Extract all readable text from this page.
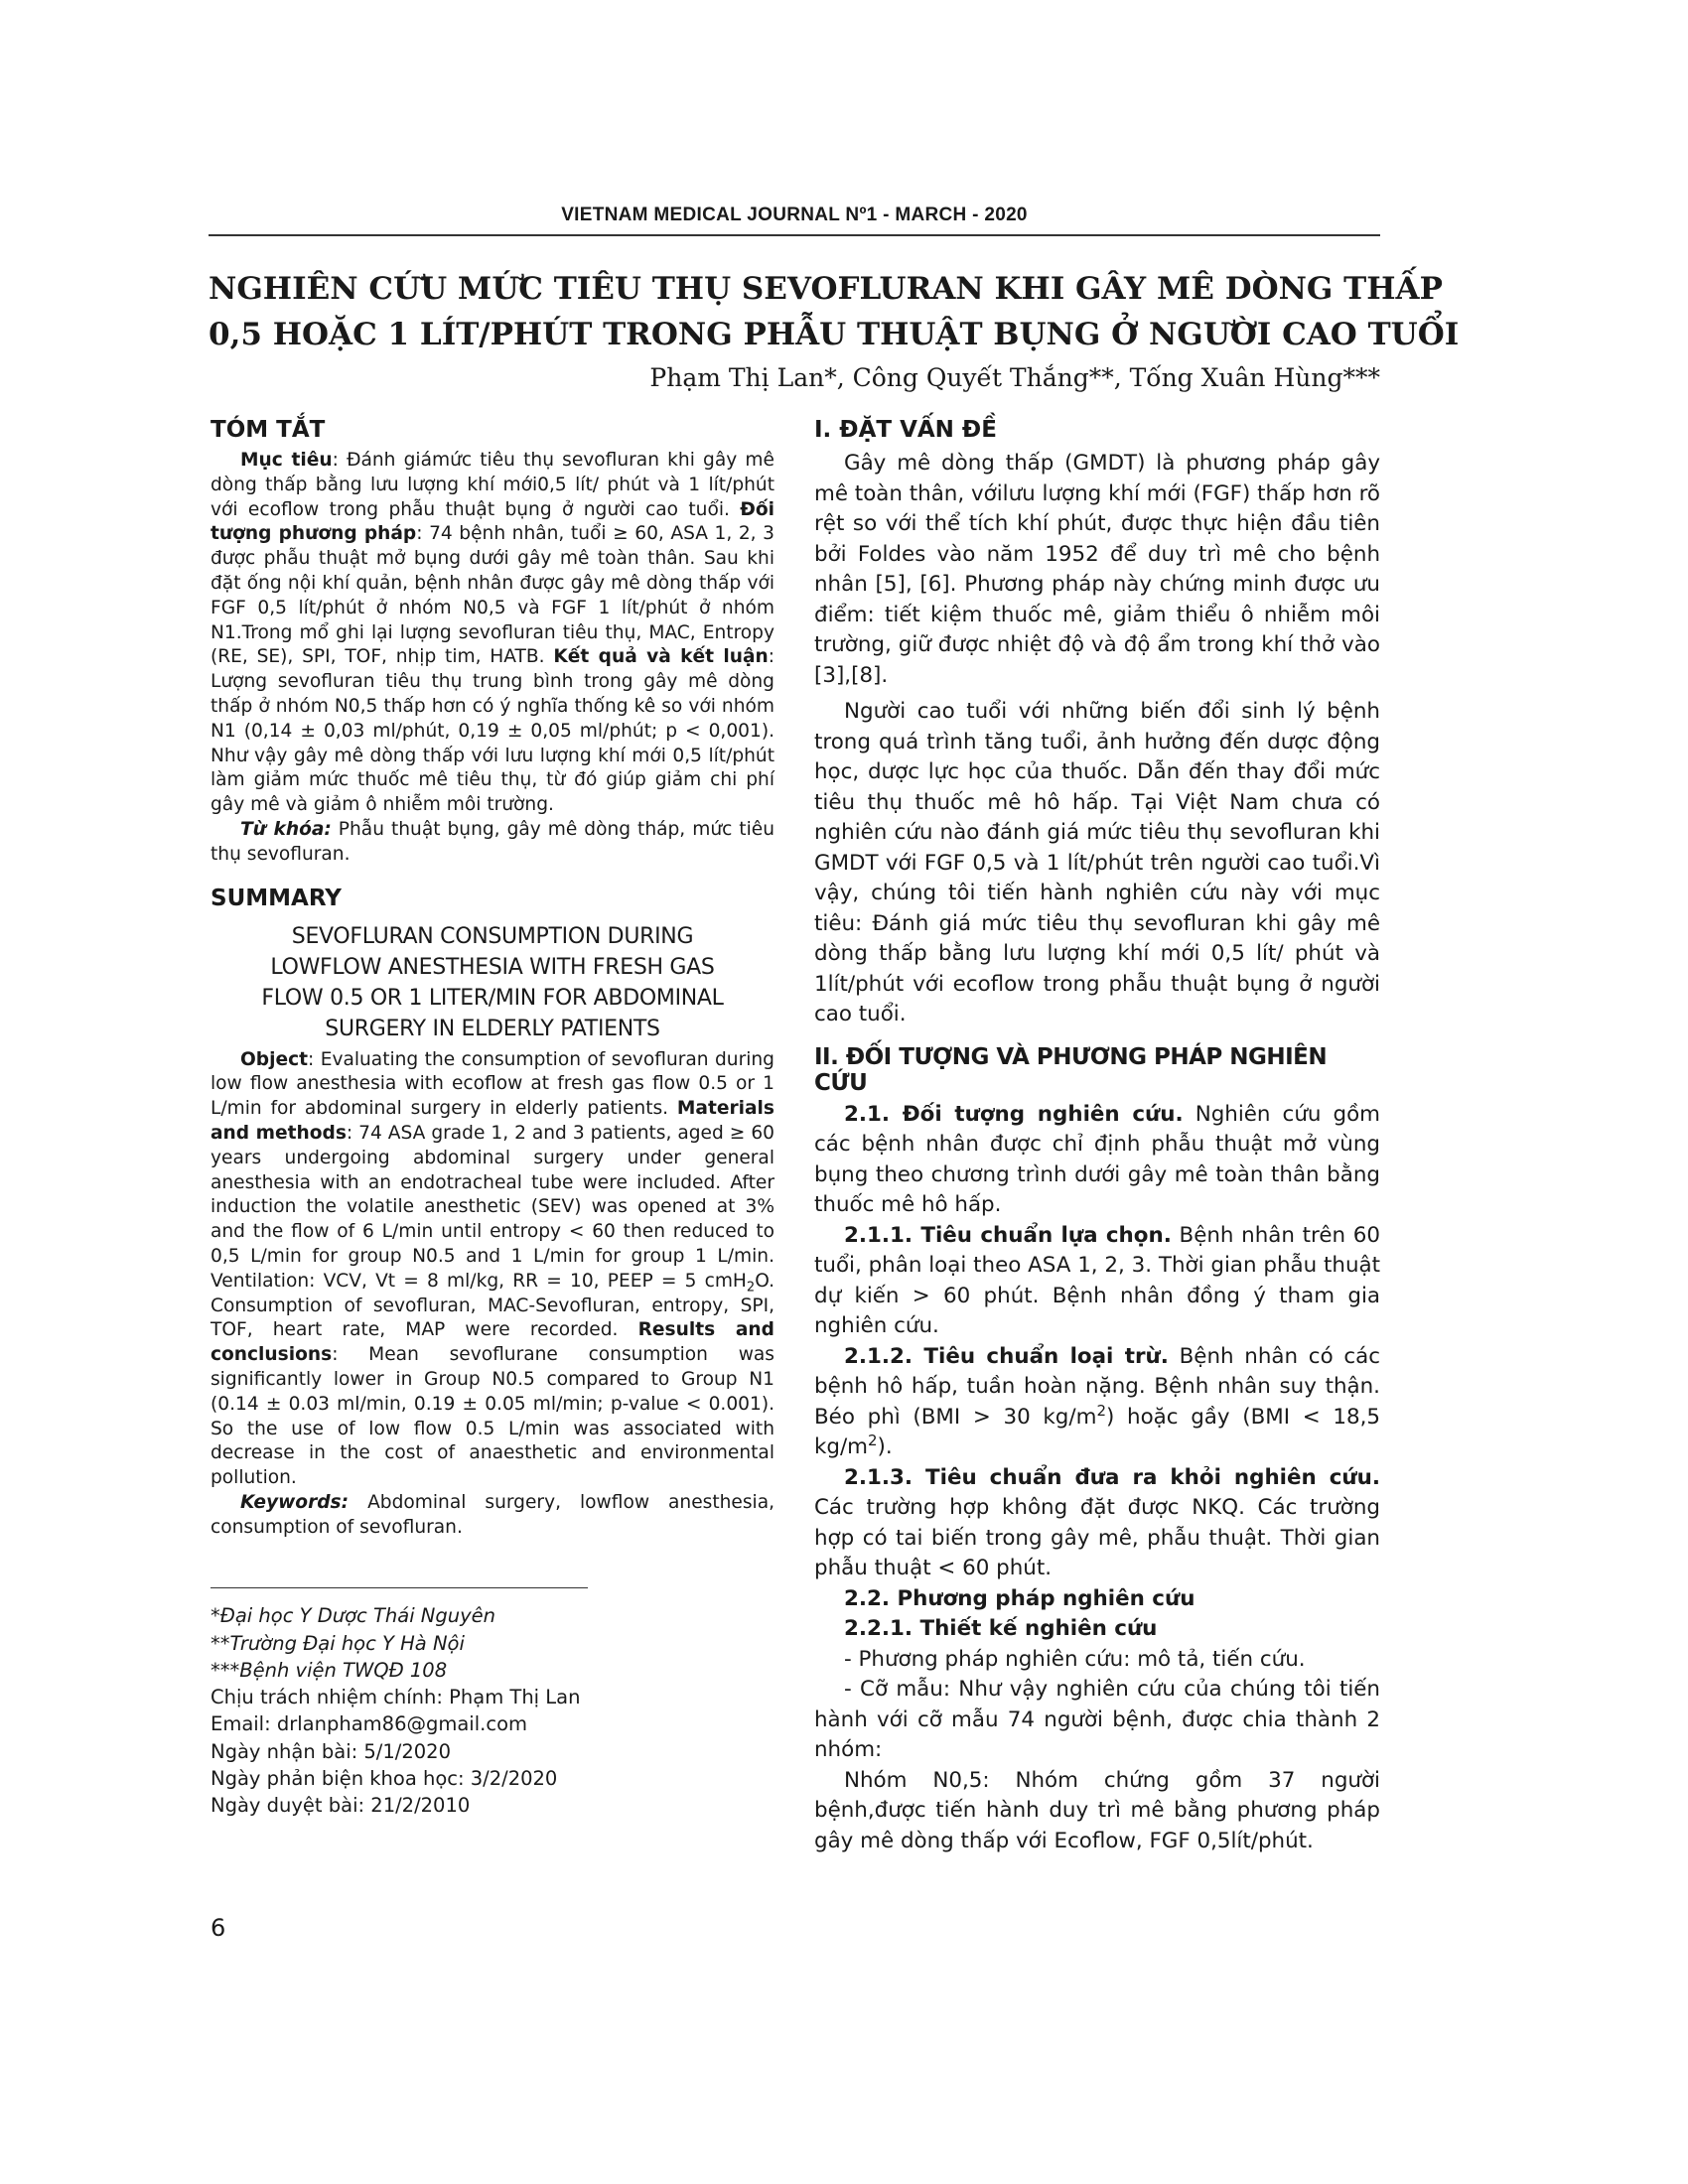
VIETNAM MEDICAL JOURNAL Nº1 - MARCH - 2020
NGHIÊN CỨU MỨC TIÊU THỤ SEVOFLURAN KHI GÂY MÊ DÒNG THẤP
0,5 HOẶC 1 LÍT/PHÚT TRONG PHẪU THUẬT BỤNG Ở NGƯỜI CAO TUỔI
Phạm Thị Lan*, Công Quyết Thắng**, Tống Xuân Hùng***
TÓM TẮT

Mục tiêu: Đánh giámức tiêu thụ sevofluran khi gây mê dòng thấp bằng lưu lượng khí mới0,5 lít/ phút và 1 lít/phút với ecoflow trong phẫu thuật bụng ở người cao tuổi. Đối tượng phương pháp: 74 bệnh nhân, tuổi ≥ 60, ASA 1, 2, 3 được phẫu thuật mở bụng dưới gây mê toàn thân. Sau khi đặt ống nội khí quản, bệnh nhân được gây mê dòng thấp với FGF 0,5 lít/phút ở nhóm N0,5 và FGF 1 lít/phút ở nhóm N1.Trong mổ ghi lại lượng sevofluran tiêu thụ, MAC, Entropy (RE, SE), SPI, TOF, nhịp tim, HATB. Kết quả và kết luận: Lượng sevofluran tiêu thụ trung bình trong gây mê dòng thấp ở nhóm N0,5 thấp hơn có ý nghĩa thống kê so với nhóm N1 (0,14 ± 0,03 ml/phút, 0,19 ± 0,05 ml/phút; p < 0,001). Như vậy gây mê dòng thấp với lưu lượng khí mới 0,5 lít/phút làm giảm mức thuốc mê tiêu thụ, từ đó giúp giảm chi phí gây mê và giảm ô nhiễm môi trường.

Từ khóa: Phẫu thuật bụng, gây mê dòng tháp, mức tiêu thụ sevofluran.

SUMMARY
SEVOFLURAN CONSUMPTION DURING
LOWFLOW ANESTHESIA WITH FRESH GAS
FLOW 0.5 OR 1 LITER/MIN FOR ABDOMINAL
SURGERY IN ELDERLY PATIENTS

Object: Evaluating the consumption of sevofluran during low flow anesthesia with ecoflow at fresh gas flow 0.5 or 1 L/min for abdominal surgery in elderly patients. Materials and methods: 74 ASA grade 1, 2 and 3 patients, aged ≥ 60 years undergoing abdominal surgery under general anesthesia with an endotracheal tube were included. After induction the volatile anesthetic (SEV) was opened at 3% and the flow of 6 L/min until entropy < 60 then reduced to 0,5 L/min for group N0.5 and 1 L/min for group 1 L/min. Ventilation: VCV, Vt = 8 ml/kg, RR = 10, PEEP = 5 cmH$_2$O. Consumption of sevofluran, MAC-Sevofluran, entropy, SPI, TOF, heart rate, MAP were recorded. Results and conclusions: Mean sevoflurane consumption was significantly lower in Group N0.5 compared to Group N1 (0.14 ± 0.03 ml/min, 0.19 ± 0.05 ml/min; p-value < 0.001). So the use of low flow 0.5 L/min was associated with decrease in the cost of anaesthetic and environmental pollution.

Keywords: Abdominal surgery, lowflow anesthesia, consumption of sevofluran.

*Đại học Y Dược Thái Nguyên
**Trường Đại học Y Hà Nội
***Bệnh viện TWQĐ 108
Chịu trách nhiệm chính: Phạm Thị Lan
Email: drlanpham86@gmail.com
Ngày nhận bài: 5/1/2020
Ngày phản biện khoa học: 3/2/2020
Ngày duyệt bài: 21/2/2010
I. ĐẶT VẤN ĐỀ

Gây mê dòng thấp (GMDT) là phương pháp gây mê toàn thân, vớilưu lượng khí mới (FGF) thấp hơn rõ rệt so với thể tích khí phút, được thực hiện đầu tiên bởi Foldes vào năm 1952 để duy trì mê cho bệnh nhân [5], [6]. Phương pháp này chứng minh được ưu điểm: tiết kiệm thuốc mê, giảm thiểu ô nhiễm môi trường, giữ được nhiệt độ và độ ẩm trong khí thở vào [3],[8].

Người cao tuổi với những biến đổi sinh lý bệnh trong quá trình tăng tuổi, ảnh hưởng đến dược động học, dược lực học của thuốc. Dẫn đến thay đổi mức tiêu thụ thuốc mê hô hấp. Tại Việt Nam chưa có nghiên cứu nào đánh giá mức tiêu thụ sevofluran khi GMDT với FGF 0,5 và 1 lít/phút trên người cao tuổi.Vì vậy, chúng tôi tiến hành nghiên cứu này với mục tiêu: Đánh giá mức tiêu thụ sevofluran khi gây mê dòng thấp bằng lưu lượng khí mới 0,5 lít/ phút và 1lít/phút với ecoflow trong phẫu thuật bụng ở người cao tuổi.

II. ĐỐI TƯỢNG VÀ PHƯƠNG PHÁP NGHIÊN CỨU

2.1. Đối tượng nghiên cứu. Nghiên cứu gồm các bệnh nhân được chỉ định phẫu thuật mở vùng bụng theo chương trình dưới gây mê toàn thân bằng thuốc mê hô hấp.

2.1.1. Tiêu chuẩn lựa chọn. Bệnh nhân trên 60 tuổi, phân loại theo ASA 1, 2, 3. Thời gian phẫu thuật dự kiến > 60 phút. Bệnh nhân đồng ý tham gia nghiên cứu.

2.1.2. Tiêu chuẩn loại trừ. Bệnh nhân có các bệnh hô hấp, tuần hoàn nặng. Bệnh nhân suy thận. Béo phì (BMI > 30 $kg/m^2$) hoặc gầy (BMI < 18,5 $kg/m^2$).

2.1.3. Tiêu chuẩn đưa ra khỏi nghiên cứu. Các trường hợp không đặt được NKQ. Các trường hợp có tai biến trong gây mê, phẫu thuật. Thời gian phẫu thuật < 60 phút.

2.2. Phương pháp nghiên cứu

2.2.1. Thiết kế nghiên cứu

- Phương pháp nghiên cứu: mô tả, tiến cứu.

- Cỡ mẫu: Như vậy nghiên cứu của chúng tôi tiến hành với cỡ mẫu 74 người bệnh, được chia thành 2 nhóm:

Nhóm N0,5: Nhóm chứng gồm 37 người bệnh,được tiến hành duy trì mê bằng phương pháp gây mê dòng thấp với Ecoflow, FGF 0,5lít/phút.

6
